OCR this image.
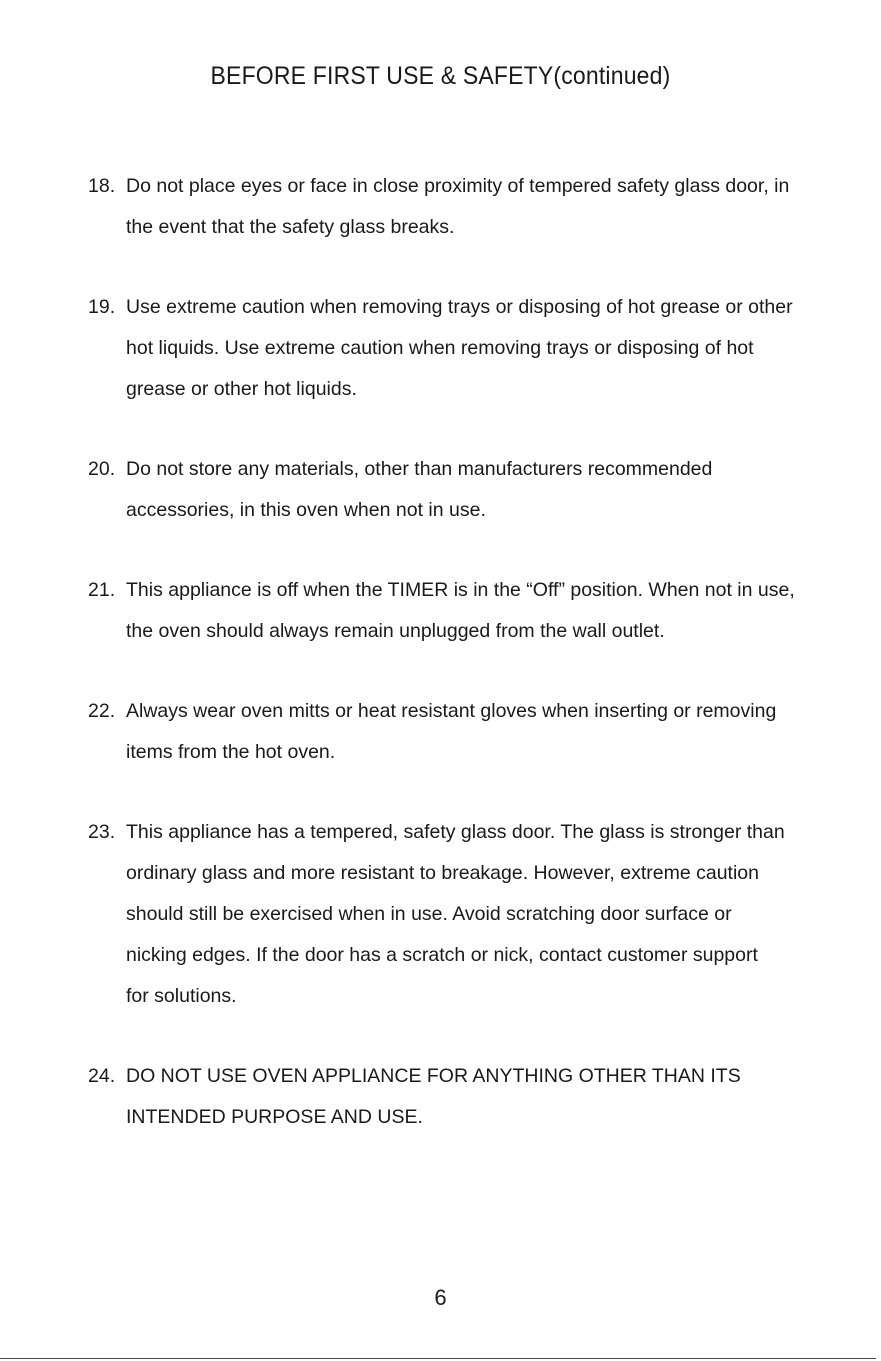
BEFORE FIRST USE & SAFETY(continued)
18. Do not place eyes or face in close proximity of tempered safety glass door, in
the event that the safety glass breaks.
19. Use extreme caution when removing trays or disposing of hot grease or other
hot liquids. Use extreme caution when removing trays or disposing of hot
grease or other hot liquids.
20. Do not store any materials, other than manufacturers recommended
accessories, in this oven when not in use.
21. This appliance is off when the TIMER is in the “Off” position. When not in use,
the oven should always remain unplugged from the wall outlet.
22. Always wear oven mitts or heat resistant gloves when inserting or removing
items from the hot oven.
23. This appliance has a tempered, safety glass door. The glass is stronger than
ordinary glass and more resistant to breakage. However, extreme caution
should still be exercised when in use. Avoid scratching door surface or
nicking edges. If the door has a scratch or nick, contact customer support
for solutions.
24. DO NOT USE OVEN APPLIANCE FOR ANYTHING OTHER THAN ITS
INTENDED PURPOSE AND USE.
6
